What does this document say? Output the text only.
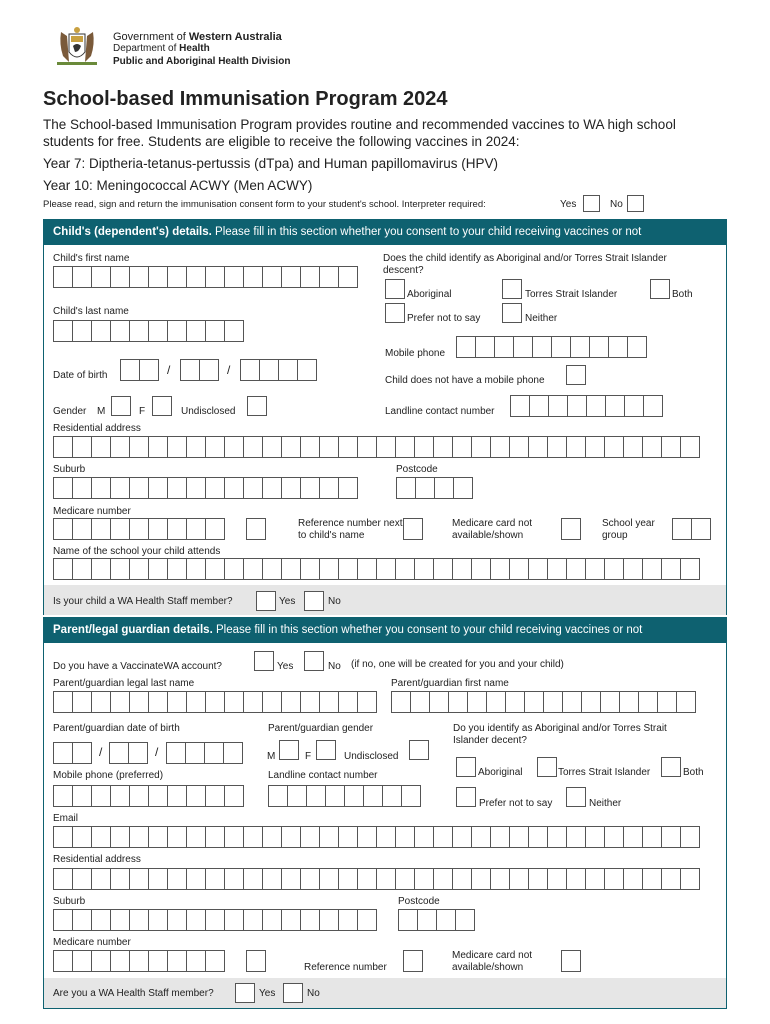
Government of Western Australia
Department of Health
Public and Aboriginal Health Division
School-based Immunisation Program 2024
The School-based Immunisation Program provides routine and recommended vaccines to WA high school students for free. Students are eligible to receive the following vaccines in 2024:
Year 7: Diptheria-tetanus-pertussis (dTpa) and Human papillomavirus (HPV)
Year 10: Meningococcal ACWY (Men ACWY)
Please read, sign and return the immunisation consent form to your student's school. Interpreter required:	Yes	No
Child's (dependent's) details. Please fill in this section whether you consent to your child receiving vaccines or not
Child's first name	Does the child identify as Aboriginal and/or Torres Strait Islander descent?
Aboriginal	Torres Strait Islander	Both
Prefer not to say	Neither
Child's last name
Mobile phone
Date of birth	/	/
Child does not have a mobile phone
Gender M	F	Undisclosed	Landline contact number
Residential address
Suburb	Postcode
Medicare number
Reference number next to child's name
Medicare card not available/shown
School year group
Name of the school your child attends
Is your child a WA Health Staff member?	Yes	No
Parent/legal guardian details. Please fill in this section whether you consent to your child receiving vaccines or not
Do you have a VaccinateWA account?	Yes	No (if no, one will be created for you and your child)
Parent/guardian legal last name	Parent/guardian first name
Parent/guardian date of birth
/	/
Parent/guardian gender
M	F	Undisclosed
Do you identify as Aboriginal and/or Torres Strait Islander decent?
Aboriginal	Torres Strait Islander	Both
Prefer not to say	Neither
Mobile phone (preferred)	Landline contact number
Email
Residential address
Suburb	Postcode
Medicare number
Reference number
Medicare card not available/shown
Are you a WA Health Staff member?	Yes	No
